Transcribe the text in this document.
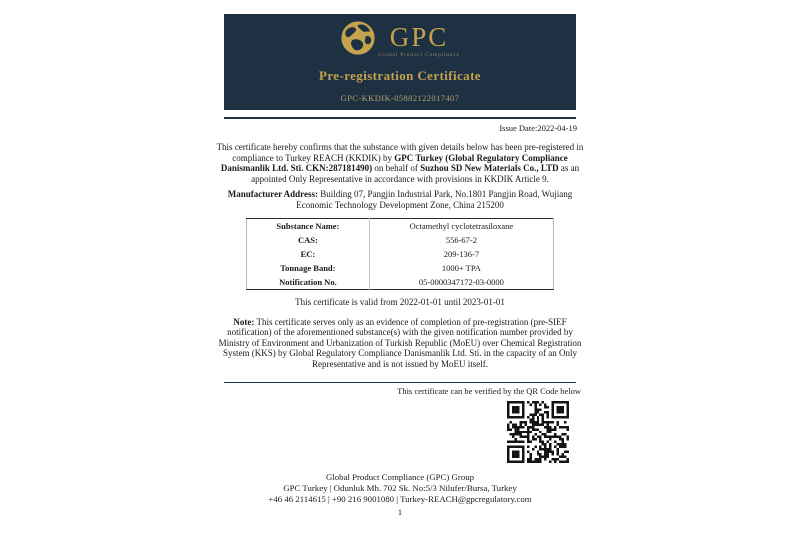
GPC
Global Product Compliance
Pre-registration Certificate
GPC-KKDIK-05882122017407
Issue Date:2022-04-19

This certificate hereby confirms that the substance with given details below has been pre-registered in compliance to Turkey REACH (KKDIK) by GPC Turkey (Global Regulatory Compliance Danismanlik Ltd. Sti. CKN:287181490) on behalf of Suzhou SD New Materials Co., LTD as an appointed Only Representative in accordance with provisions in KKDIK Article 9.

Manufacturer Address: Building 07, Pangjin Industrial Park, No.1801 Pangjin Road, Wujiang Economic Technology Development Zone, China 215200

Substance Name:	Octamethyl cyclotetrasiloxane
CAS:	556-67-2
EC:	209-136-7
Tonnage Band:	1000+ TPA
Notification No.	05-0000347172-03-0000
This certificate is valid from 2022-01-01 until 2023-01-01

Note: This certificate serves only as an evidence of completion of pre-registration (pre-SIEF notification) of the aforementioned substance(s) with the given notification number provided by Ministry of Environment and Urbanization of Turkish Republic (MoEU) over Chemical Registration System (KKS) by Global Regulatory Compliance Danismanlik Ltd. Sti. in the capacity of an Only Representative and is not issued by MoEU itself.

This certificate can be verified by the QR Code below
Global Product Compliance (GPC) Group
GPC Turkey | Odunluk Mh. 702 Sk. No:5/3 Nilufer/Bursa, Turkey
+46 46 2114615 | +90 216 9001080 | Turkey-REACH@gpcregulatory.com
1
